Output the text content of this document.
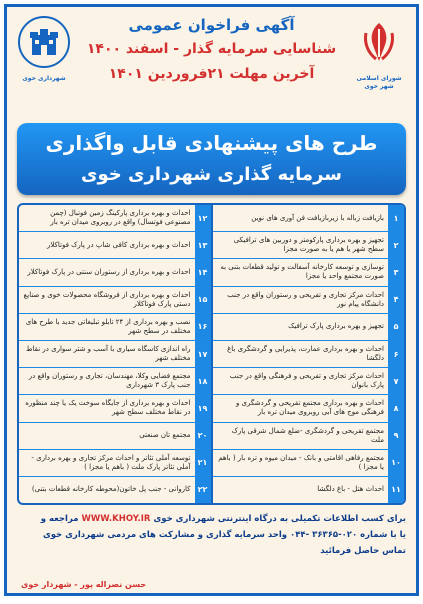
شهرداری خوی
آگهی فراخوان عمومی
شناسایی سرمایه گذار - اسفند ۱۴۰۰
آخرین مهلت ۲۱فروردین ۱۴۰۱	شورای اسلامی شهر خوی
طرح های پیشنهادی قابل واگذاری
سرمایه گذاری شهرداری خوی
۱
بازیافت زباله با زیر‌بازیافت فن آوری های نوین
۲
تجهیز و بهره برداری پارکومتر و دوربین های ترافیکی سطح شهر یا هم یا به صورت مجزا
۳
توسازی و توسعه کارخانه آسفالت و تولید قطعات بتنی به صورت مجتمع واحد یا مجزا
۴
احداث مرکز تجاری و تفریحی و رستوران واقع در جنب دانشگاه پیام نور
۵
تجهیز و بهره برداری پارک ترافیک
۶
احداث و بهره برداری عمارت، پذیرایی و گردشگری باغ دلگشا
۷
احداث مرکز تجاری و تفریحی و فرهنگی واقع در جنب پارک بانوان
۸
احداث و بهره برداری مجتمع تفریحی و گردشگری و فرهنگی موج های آبی روبروی میدان تره بار
۹
مجتمع تفریحی و گردشگری -ضلع شمال شرقی پارک ملت
۱۰
مجتمع رفاهی اقامتی و بانک - میدان میوه و تره بار ( باهم یا مجزا )
۱۱
احداث هتل - باغ دلگشا
۱۲
احداث و بهره برداری پارکینگ زمین فوتبال (چمن مصنوعی فوتسال) واقع در روبروی میدان تره بار
۱۳
احداث و بهره برداری کافی شاپ در پارک فوتاکلار
۱۴
احداث و بهره برداری از رستوران سنتی در پارک فوتاکلار
۱۵
احداث و بهره برداری از فروشگاه محصولات خوی و صنایع دستی پارک فوتاکلار
۱۶
نصب و بهره برداری از ۲۴ تابلو تبلیغاتی جدید با طرح های مختلف در سطح شهر
۱۷
راه اندازی کاسگاه سیاری با آسب و شتر سواری در نقاط مختلف شهر
۱۸
مجتمع فضایی وکلا، مهندسان، تجاری و رستوران واقع در جنب پارک ۳ شهرداری
۱۹
احداث و بهره برداری از جایگاه سوخت یک یا چند منظوره در نقاط مختلف سطح شهر
۲۰
مجتمع تان صنعتی
۲۱
توسعه آملی تئاتر و احداث مرکز تجاری و بهره برداری - آملی تئاتر پارک ملت ( باهم یا مجزا )
۲۲
کاروانی - جنب پل خاتون(محوطه کارخانه قطعات بتنی)
برای کسب اطلاعات تکمیلی به درگاه اینترنتی شهرداری خوی WWW.KHOY.IR مراجعه و
یا با شماره ۰۲۰-۳۶۳۶۵ -۰۴۴ واحد سرمایه گذاری و مشارکت های مردمی شهرداری خوی
تماس حاصل فرمائید
حسن نصراله پور - شهردار خوی
